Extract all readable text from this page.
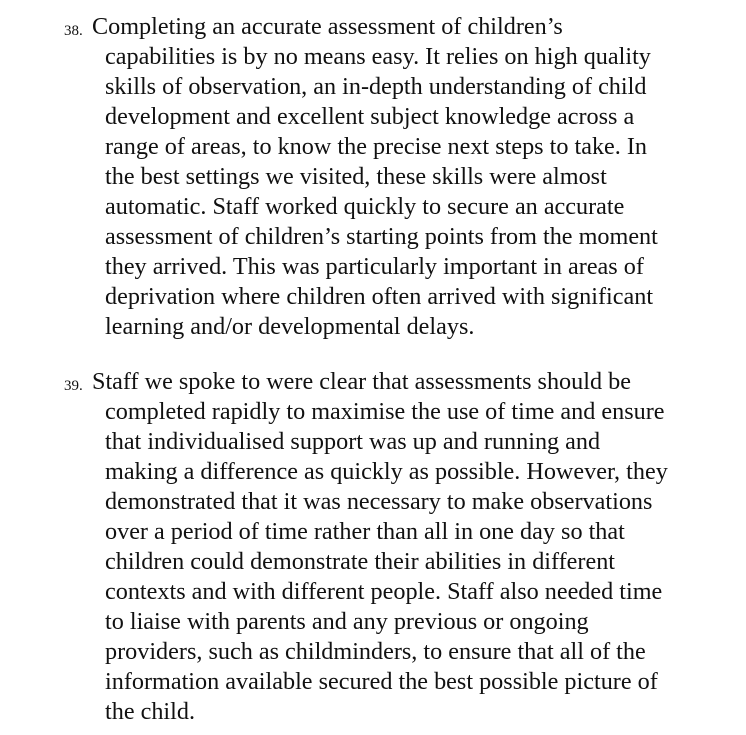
38. Completing an accurate assessment of children’s
capabilities is by no means easy. It relies on high quality
skills of observation, an in-depth understanding of child
development and excellent subject knowledge across a
range of areas, to know the precise next steps to take. In
the best settings we visited, these skills were almost
automatic. Staff worked quickly to secure an accurate
assessment of children’s starting points from the moment
they arrived. This was particularly important in areas of
deprivation where children often arrived with significant
learning and/or developmental delays.
39. Staff we spoke to were clear that assessments should be
completed rapidly to maximise the use of time and ensure
that individualised support was up and running and
making a difference as quickly as possible. However, they
demonstrated that it was necessary to make observations
over a period of time rather than all in one day so that
children could demonstrate their abilities in different
contexts and with different people. Staff also needed time
to liaise with parents and any previous or ongoing
providers, such as childminders, to ensure that all of the
information available secured the best possible picture of
the child.
